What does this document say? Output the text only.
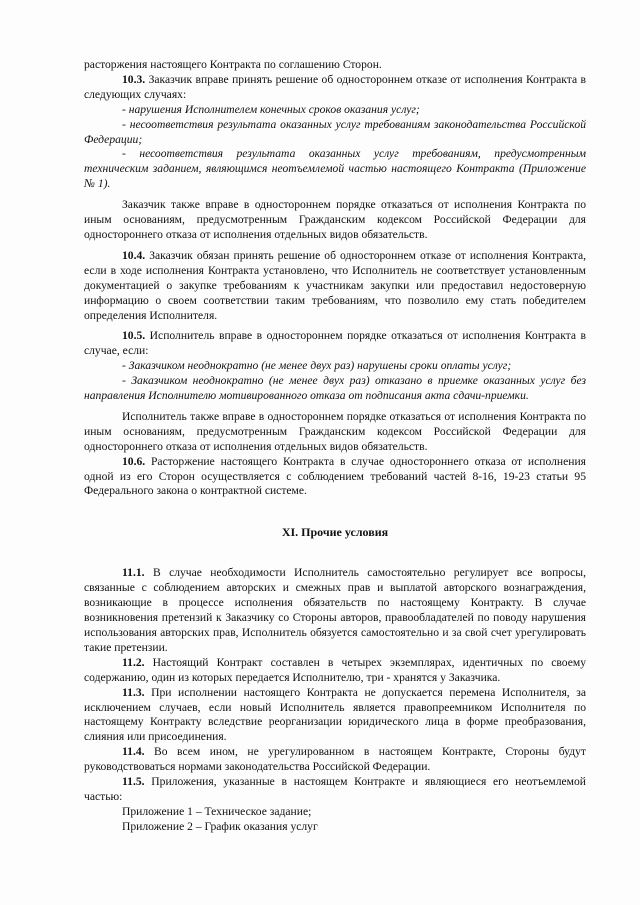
расторжения настоящего Контракта по соглашению Сторон.

10.3. Заказчик вправе принять решение об одностороннем отказе от исполнения Контракта в следующих случаях:

- нарушения Исполнителем конечных сроков оказания услуг;

- несоответствия результата оказанных услуг требованиям законодательства Российской Федерации;

- несоответствия результата оказанных услуг требованиям, предусмотренным техническим заданием, являющимся неотъемлемой частью настоящего Контракта (Приложение № 1).

Заказчик также вправе в одностороннем порядке отказаться от исполнения Контракта по иным основаниям, предусмотренным Гражданским кодексом Российской Федерации для одностороннего отказа от исполнения отдельных видов обязательств.

10.4. Заказчик обязан принять решение об одностороннем отказе от исполнения Контракта, если в ходе исполнения Контракта установлено, что Исполнитель не соответствует установленным документацией о закупке требованиям к участникам закупки или предоставил недостоверную информацию о своем соответствии таким требованиям, что позволило ему стать победителем определения Исполнителя.

10.5. Исполнитель вправе в одностороннем порядке отказаться от исполнения Контракта в случае, если:

- Заказчиком неоднократно (не менее двух раз) нарушены сроки оплаты услуг;

- Заказчиком неоднократно (не менее двух раз) отказано в приемке оказанных услуг без направления Исполнителю мотивированного отказа от подписания акта сдачи-приемки.

Исполнитель также вправе в одностороннем порядке отказаться от исполнения Контракта по иным основаниям, предусмотренным Гражданским кодексом Российской Федерации для одностороннего отказа от исполнения отдельных видов обязательств.

10.6. Расторжение настоящего Контракта в случае одностороннего отказа от исполнения одной из его Сторон осуществляется с соблюдением требований частей 8-16, 19-23 статьи 95 Федерального закона о контрактной системе.

XI. Прочие условия

11.1. В случае необходимости Исполнитель самостоятельно регулирует все вопросы, связанные с соблюдением авторских и смежных прав и выплатой авторского вознаграждения, возникающие в процессе исполнения обязательств по настоящему Контракту. В случае возникновения претензий к Заказчику со Стороны авторов, правообладателей по поводу нарушения использования авторских прав, Исполнитель обязуется самостоятельно и за свой счет урегулировать такие претензии.

11.2. Настоящий Контракт составлен в четырех экземплярах, идентичных по своему содержанию, один из которых передается Исполнителю, три - хранятся у Заказчика.

11.3. При исполнении настоящего Контракта не допускается перемена Исполнителя, за исключением случаев, если новый Исполнитель является правопреемником Исполнителя по настоящему Контракту вследствие реорганизации юридического лица в форме преобразования, слияния или присоединения.

11.4. Во всем ином, не урегулированном в настоящем Контракте, Стороны будут руководствоваться нормами законодательства Российской Федерации.

11.5. Приложения, указанные в настоящем Контракте и являющиеся его неотъемлемой частью:

Приложение 1 – Техническое задание;

Приложение 2 – График оказания услуг
